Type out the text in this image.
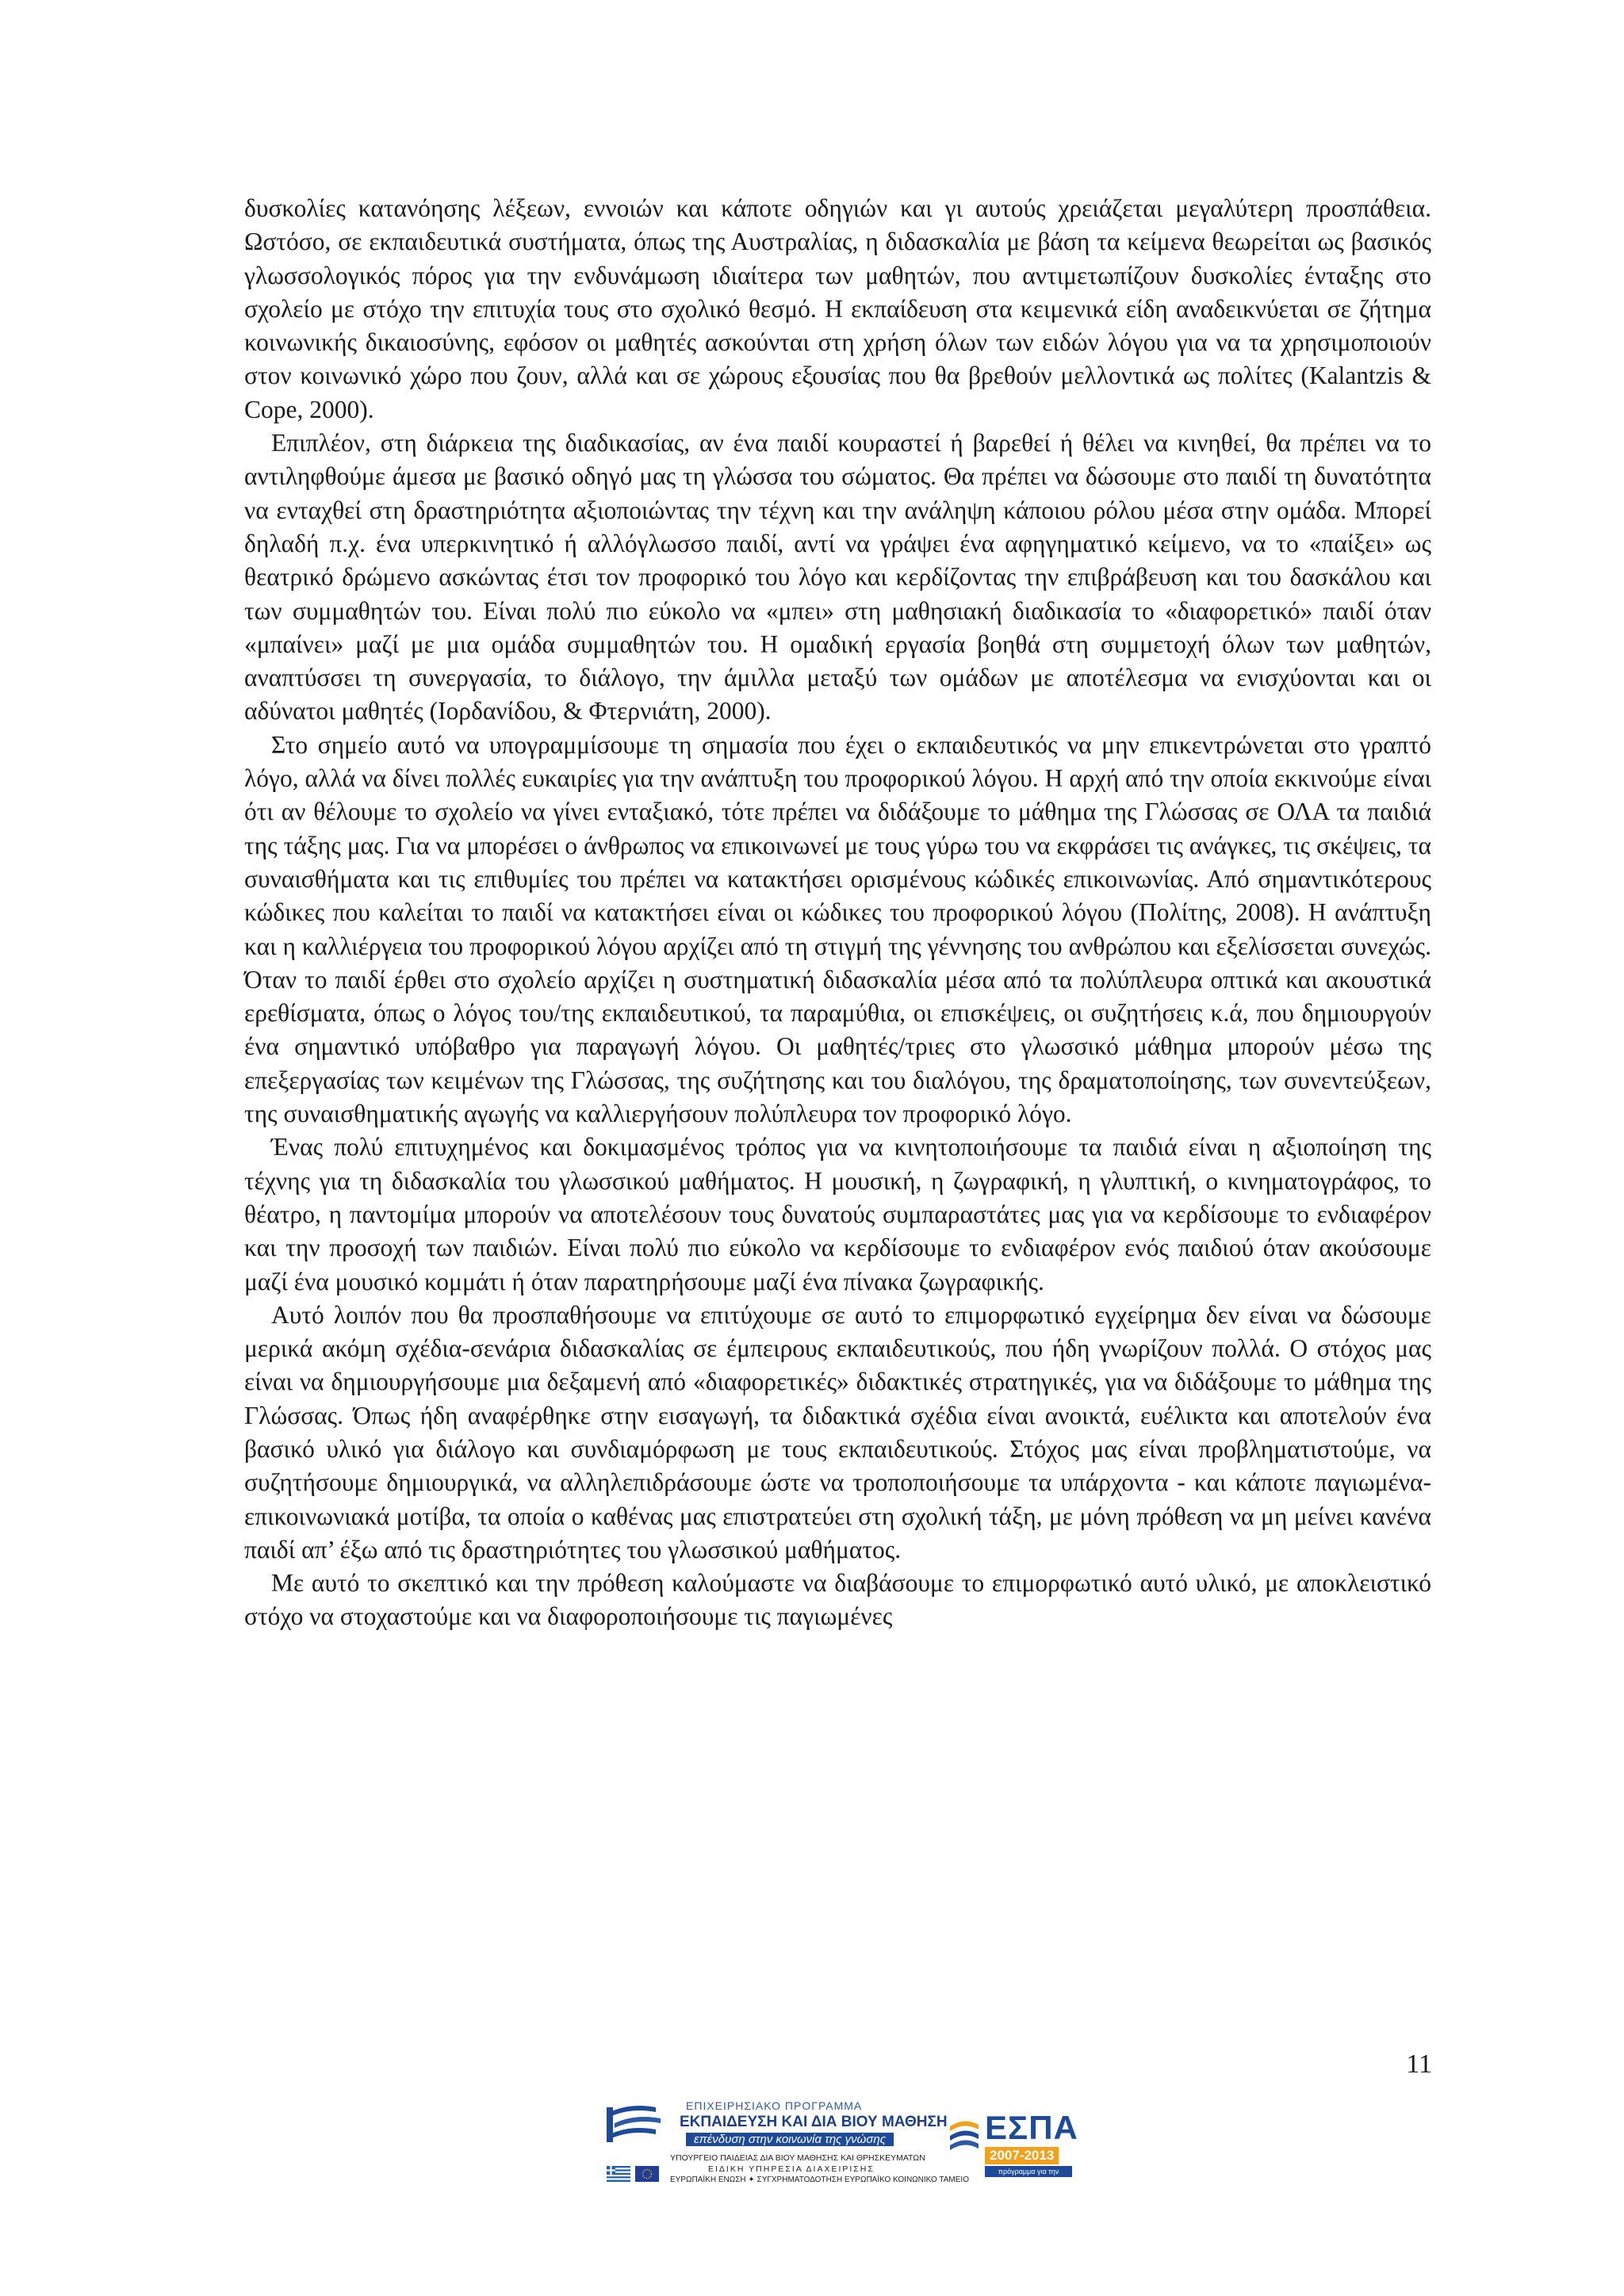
δυσκολίες κατανόησης λέξεων, εννοιών και κάποτε οδηγιών και γι αυτούς χρειάζεται μεγαλύτερη προσπάθεια. Ωστόσο, σε εκπαιδευτικά συστήματα, όπως της Αυστραλίας, η διδασκαλία με βάση τα κείμενα θεωρείται ως βασικός γλωσσολογικός πόρος για την ενδυνάμωση ιδιαίτερα των μαθητών, που αντιμετωπίζουν δυσκολίες ένταξης στο σχολείο με στόχο την επιτυχία τους στο σχολικό θεσμό. Η εκπαίδευση στα κειμενικά είδη αναδεικνύεται σε ζήτημα κοινωνικής δικαιοσύνης, εφόσον οι μαθητές ασκούνται στη χρήση όλων των ειδών λόγου για να τα χρησιμοποιούν στον κοινωνικό χώρο που ζουν, αλλά και σε χώρους εξουσίας που θα βρεθούν μελλοντικά ως πολίτες (Kalantzis & Cope, 2000).

Επιπλέον, στη διάρκεια της διαδικασίας, αν ένα παιδί κουραστεί ή βαρεθεί ή θέλει να κινηθεί, θα πρέπει να το αντιληφθούμε άμεσα με βασικό οδηγό μας τη γλώσσα του σώματος. Θα πρέπει να δώσουμε στο παιδί τη δυνατότητα να ενταχθεί στη δραστηριότητα αξιοποιώντας την τέχνη και την ανάληψη κάποιου ρόλου μέσα στην ομάδα. Μπορεί δηλαδή π.χ. ένα υπερκινητικό ή αλλόγλωσσο παιδί, αντί να γράψει ένα αφηγηματικό κείμενο, να το «παίξει» ως θεατρικό δρώμενο ασκώντας έτσι τον προφορικό του λόγο και κερδίζοντας την επιβράβευση και του δασκάλου και των συμμαθητών του. Είναι πολύ πιο εύκολο να «μπει» στη μαθησιακή διαδικασία το «διαφορετικό» παιδί όταν «μπαίνει» μαζί με μια ομάδα συμμαθητών του. Η ομαδική εργασία βοηθά στη συμμετοχή όλων των μαθητών, αναπτύσσει τη συνεργασία, το διάλογο, την άμιλλα μεταξύ των ομάδων με αποτέλεσμα να ενισχύονται και οι αδύνατοι μαθητές (Ιορδανίδου, & Φτερνιάτη, 2000).

Στο σημείο αυτό να υπογραμμίσουμε τη σημασία που έχει ο εκπαιδευτικός να μην επικεντρώνεται στο γραπτό λόγο, αλλά να δίνει πολλές ευκαιρίες για την ανάπτυξη του προφορικού λόγου. Η αρχή από την οποία εκκινούμε είναι ότι αν θέλουμε το σχολείο να γίνει ενταξιακό, τότε πρέπει να διδάξουμε το μάθημα της Γλώσσας σε ΟΛΑ τα παιδιά της τάξης μας. Για να μπορέσει ο άνθρωπος να επικοινωνεί με τους γύρω του να εκφράσει τις ανάγκες, τις σκέψεις, τα συναισθήματα και τις επιθυμίες του πρέπει να κατακτήσει ορισμένους κώδικές επικοινωνίας. Από σημαντικότερους κώδικες που καλείται το παιδί να κατακτήσει είναι οι κώδικες του προφορικού λόγου (Πολίτης, 2008). Η ανάπτυξη και η καλλιέργεια του προφορικού λόγου αρχίζει από τη στιγμή της γέννησης του ανθρώπου και εξελίσσεται συνεχώς. Όταν το παιδί έρθει στο σχολείο αρχίζει η συστηματική διδασκαλία μέσα από τα πολύπλευρα οπτικά και ακουστικά ερεθίσματα, όπως ο λόγος του/της εκπαιδευτικού, τα παραμύθια, οι επισκέψεις, οι συζητήσεις κ.ά, που δημιουργούν ένα σημαντικό υπόβαθρο για παραγωγή λόγου. Οι μαθητές/τριες στο γλωσσικό μάθημα μπορούν μέσω της επεξεργασίας των κειμένων της Γλώσσας, της συζήτησης και του διαλόγου, της δραματοποίησης, των συνεντεύξεων, της συναισθηματικής αγωγής να καλλιεργήσουν πολύπλευρα τον προφορικό λόγο.

Ένας πολύ επιτυχημένος και δοκιμασμένος τρόπος για να κινητοποιήσουμε τα παιδιά είναι η αξιοποίηση της τέχνης για τη διδασκαλία του γλωσσικού μαθήματος. Η μουσική, η ζωγραφική, η γλυπτική, ο κινηματογράφος, το θέατρο, η παντομίμα μπορούν να αποτελέσουν τους δυνατούς συμπαραστάτες μας για να κερδίσουμε το ενδιαφέρον και την προσοχή των παιδιών. Είναι πολύ πιο εύκολο να κερδίσουμε το ενδιαφέρον ενός παιδιού όταν ακούσουμε μαζί ένα μουσικό κομμάτι ή όταν παρατηρήσουμε μαζί ένα πίνακα ζωγραφικής.

Αυτό λοιπόν που θα προσπαθήσουμε να επιτύχουμε σε αυτό το επιμορφωτικό εγχείρημα δεν είναι να δώσουμε μερικά ακόμη σχέδια-σενάρια διδασκαλίας σε έμπειρους εκπαιδευτικούς, που ήδη γνωρίζουν πολλά. Ο στόχος μας είναι να δημιουργήσουμε μια δεξαμενή από «διαφορετικές» διδακτικές στρατηγικές, για να διδάξουμε το μάθημα της Γλώσσας. Όπως ήδη αναφέρθηκε στην εισαγωγή, τα διδακτικά σχέδια είναι ανοικτά, ευέλικτα και αποτελούν ένα βασικό υλικό για διάλογο και συνδιαμόρφωση με τους εκπαιδευτικούς. Στόχος μας είναι προβληματιστούμε, να συζητήσουμε δημιουργικά, να αλληλεπιδράσουμε ώστε να τροποποιήσουμε τα υπάρχοντα - και κάποτε παγιωμένα- επικοινωνιακά μοτίβα, τα οποία ο καθένας μας επιστρατεύει στη σχολική τάξη, με μόνη πρόθεση να μη μείνει κανένα παιδί απ’ έξω από τις δραστηριότητες του γλωσσικού μαθήματος.

Με αυτό το σκεπτικό και την πρόθεση καλούμαστε να διαβάσουμε το επιμορφωτικό αυτό υλικό, με αποκλειστικό στόχο να στοχαστούμε και να διαφοροποιήσουμε τις παγιωμένες

11
ΕΠΙΧΕΙΡΗΣΙΑΚΟ ΠΡΟΓΡΑΜΜΑ
ΕΚΠΑΙΔΕΥΣΗ ΚΑΙ ΔΙΑ ΒΙΟΥ ΜΑΘΗΣΗ
επένδυση στην κοινωνία της γνώσης
ΥΠΟΥΡΓΕΙΟ ΠΑΙΔΕΙΑΣ ΔΙΑ ΒΙΟΥ ΜΑΘΗΣΗΣ ΚΑΙ ΘΡΗΣΚΕΥΜΑΤΩΝ
ΕΙΔΙΚΗ ΥΠΗΡΕΣΙΑ ΔΙΑΧΕΙΡΙΣΗΣ
ΕΥΡΩΠΑΪΚΗ ΕΝΩΣΗ ✦ ΣΥΓΧΡΗΜΑΤΟΔΟΤΗΣΗ ΕΥΡΩΠΑΪΚΟ ΚΟΙΝΩΝΙΚΟ ΤΑΜΕΙΟ
ΕΣΠΑ
2007-2013
πρόγραμμα για την ανάπτυξη
